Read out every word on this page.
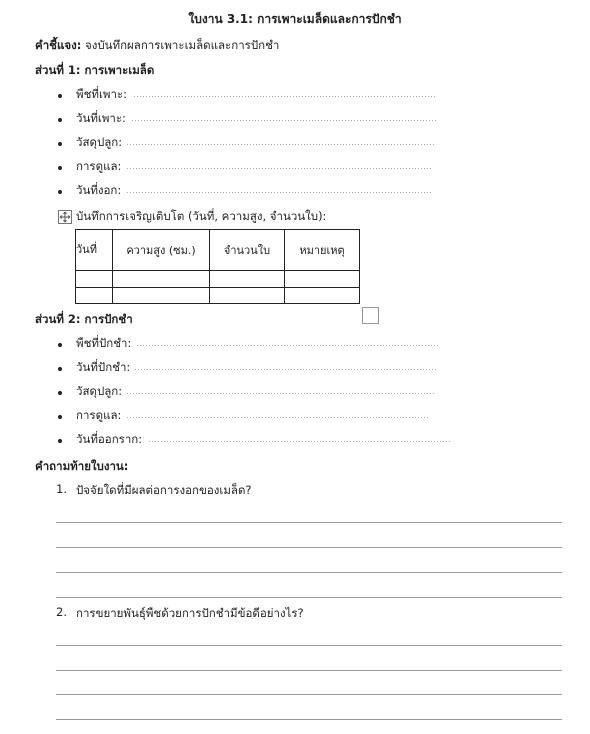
ใบงาน 3.1: การเพาะเมล็ดและการปักชำ
คำชี้แจง: จงบันทึกผลการเพาะเมล็ดและการปักชำ
ส่วนที่ 1: การเพาะเมล็ด
พืชที่เพาะ:
วันที่เพาะ:
วัสดุปลูก:
การดูแล:
วันที่งอก:
บันทึกการเจริญเติบโต (วันที่, ความสูง, จำนวนใบ):
วันที่	ความสูง (ซม.)	จำนวนใบ	หมายเหตุ

ส่วนที่ 2: การปักชำ
พืชที่ปักชำ:
วันที่ปักชำ:
วัสดุปลูก:
การดูแล:
วันที่ออกราก:
คำถามท้ายใบงาน:
1. ปัจจัยใดที่มีผลต่อการงอกของเมล็ด?
2. การขยายพันธุ์พืชด้วยการปักชำมีข้อดีอย่างไร?
